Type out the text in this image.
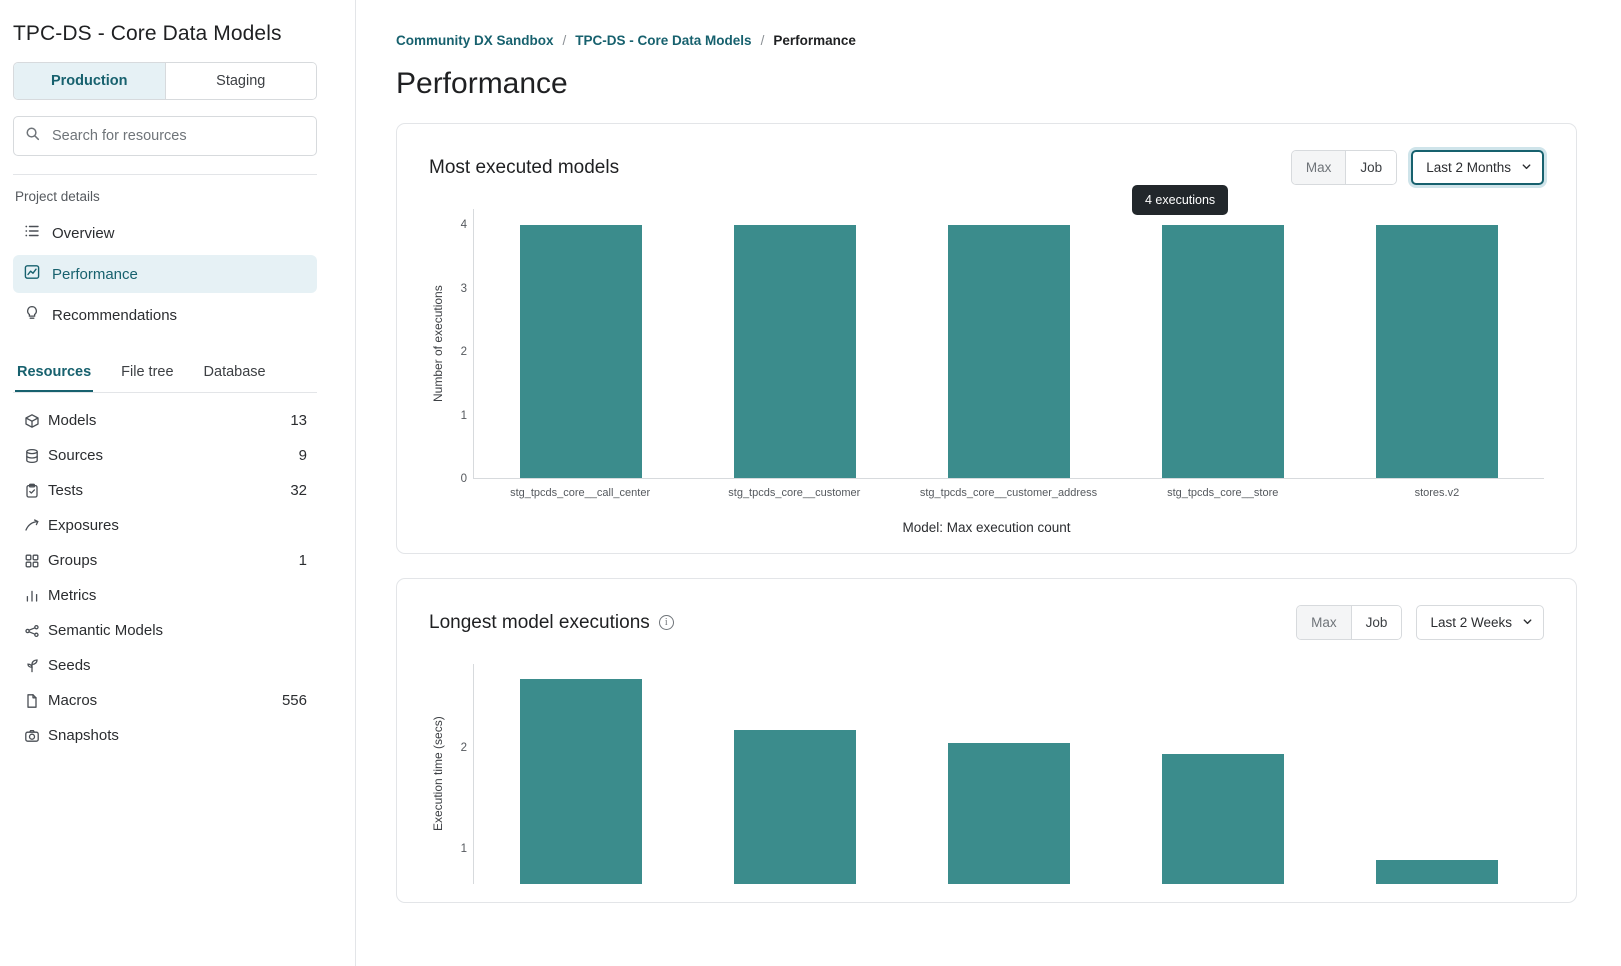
TPC-DS - Core Data Models
Production	Staging
Search for resources
Project details
Overview
Performance
Recommendations
Resources File tree Database
Models	13
Sources	9
Tests	32
Exposures
Groups	1
Metrics
Semantic Models
Seeds
Macros	556
Snapshots
Community DX Sandbox / TPC-DS - Core Data Models / Performance
Performance
Most executed models	Max	Job	Last 2 Months
4 executions
Number of executions
0
1
2
3
4
stg_tpcds_core__call_center	stg_tpcds_core__customer	stg_tpcds_core__customer_address	stg_tpcds_core__store	stores.v2
Model: Max execution count
Longest model executions	i	Max	Job	Last 2 Weeks
Execution time (secs)
1
2
